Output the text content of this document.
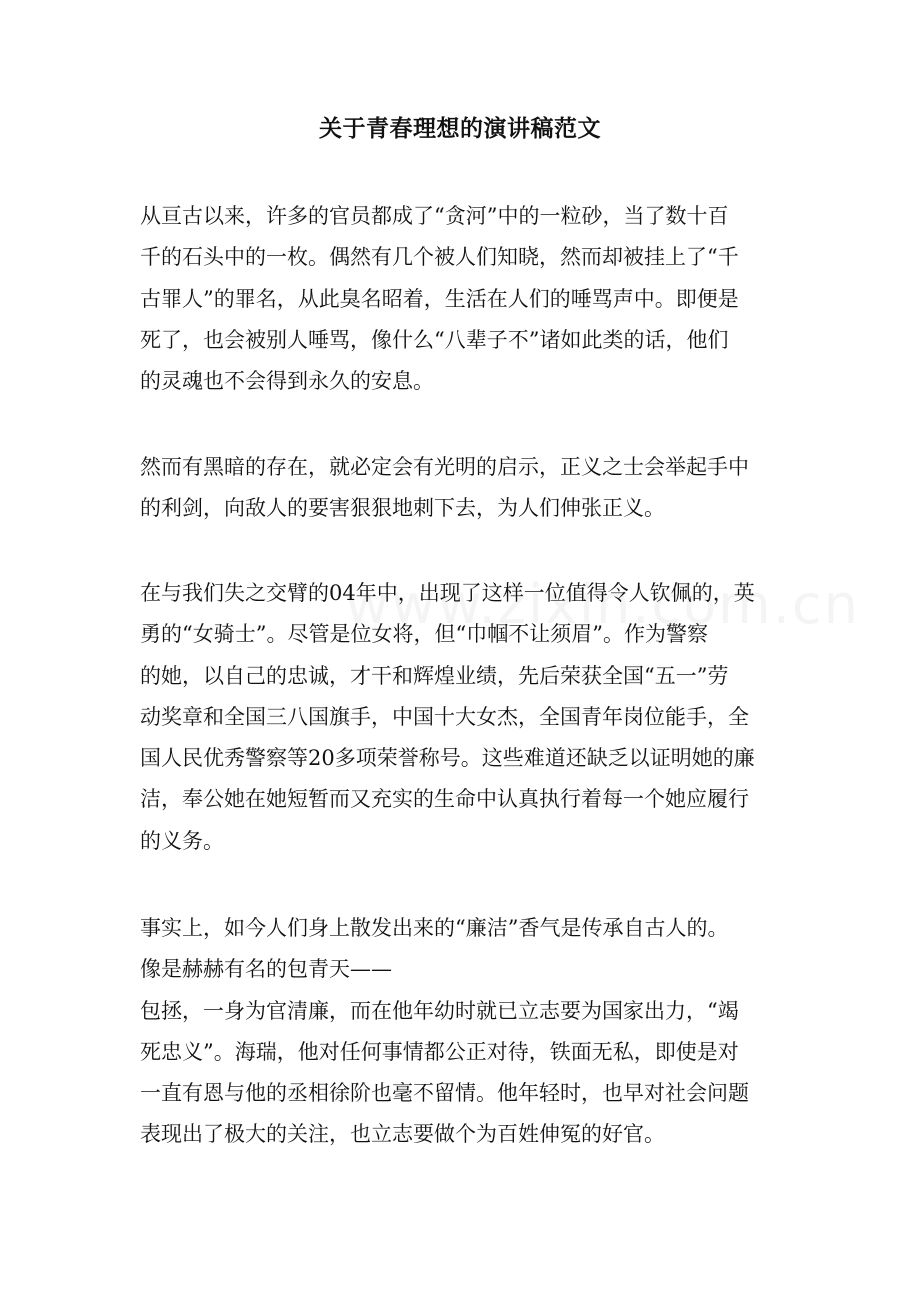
关于青春理想的演讲稿范文
从亘古以来，许多的官员都成了“贪河”中的一粒砂，当了数十百
千的石头中的一枚。偶然有几个被人们知晓，然而却被挂上了“千
古罪人”的罪名，从此臭名昭着，生活在人们的唾骂声中。即便是
死了，也会被别人唾骂，像什么“八辈子不”诸如此类的话，他们
的灵魂也不会得到永久的安息。
然而有黑暗的存在，就必定会有光明的启示，正义之士会举起手中
的利剑，向敌人的要害狠狠地刺下去，为人们伸张正义。
在与我们失之交臂的04年中，出现了这样一位值得令人钦佩的，英
勇的“女骑士”。尽管是位女将，但“巾帼不让须眉”。作为警察
的她，以自己的忠诚，才干和辉煌业绩，先后荣获全国“五一”劳
动奖章和全国三八国旗手，中国十大女杰，全国青年岗位能手，全
国人民优秀警察等20多项荣誉称号。这些难道还缺乏以证明她的廉
洁，奉公她在她短暂而又充实的生命中认真执行着每一个她应履行
的义务。
事实上，如今人们身上散发出来的“廉洁”香气是传承自古人的。
像是赫赫有名的包青天——
包拯，一身为官清廉，而在他年幼时就已立志要为国家出力，“竭
死忠义”。海瑞，他对任何事情都公正对待，铁面无私，即使是对
一直有恩与他的丞相徐阶也毫不留情。他年轻时，也早对社会问题
表现出了极大的关注，也立志要做个为百姓伸冤的好官。
